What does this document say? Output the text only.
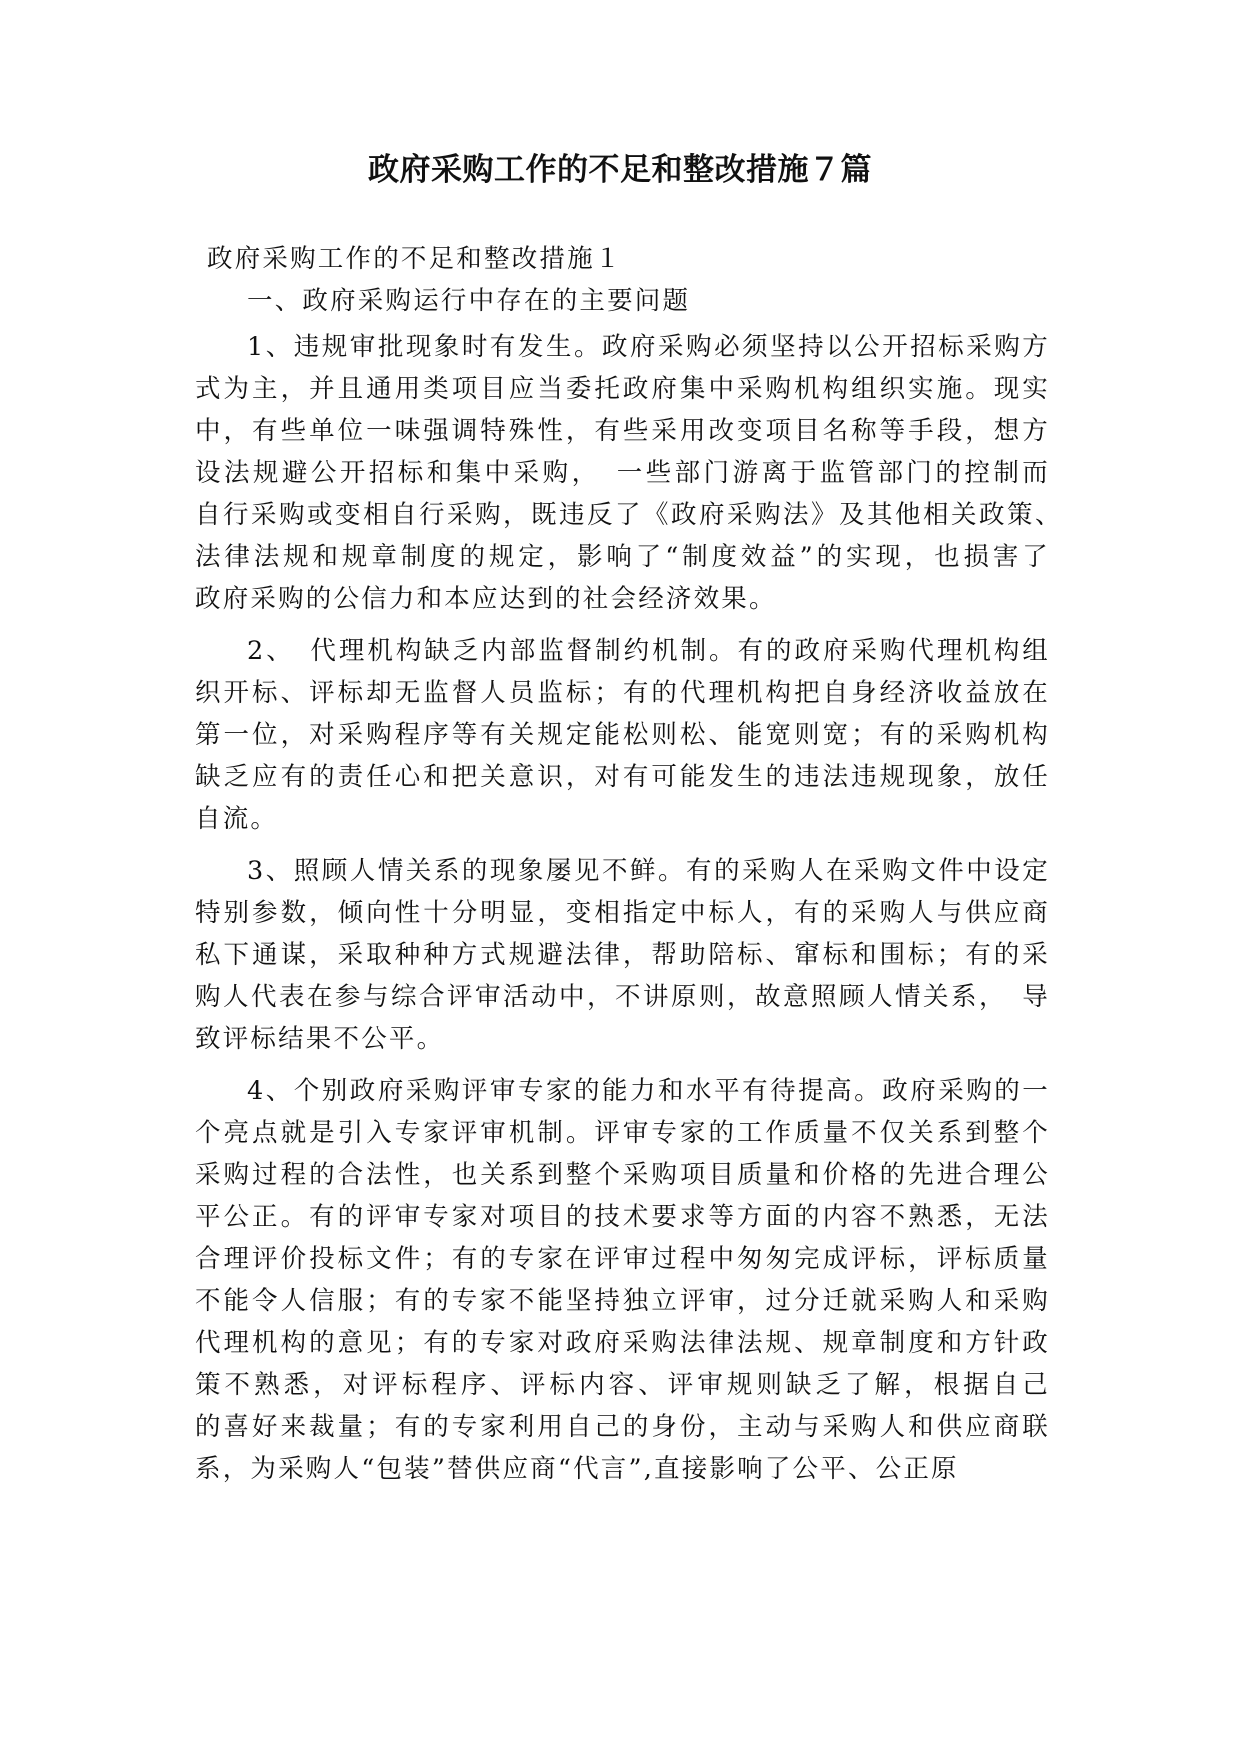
政府采购工作的不足和整改措施７篇

政府采购工作的不足和整改措施１

一、政府采购运行中存在的主要问题

1、违规审批现象时有发生。政府采购必须坚持以公开招标采购方式为主，并且通用类项目应当委托政府集中采购机构组织实施。现实中，有些单位一味强调特殊性，有些采用改变项目名称等手段，想方设法规避公开招标和集中采购，　一些部门游离于监管部门的控制而　自行采购或变相自行采购，既违反了《政府采购法》及其他相关政策、　法律法规和规章制度的规定，影响了“制度效益”的实现，也损害了　政府采购的公信力和本应达到的社会经济效果。

2、　代理机构缺乏内部监督制约机制。有的政府采购代理机构组　织开标、评标却无监督人员监标；有的代理机构把自身经济收益放在　第一位，对采购程序等有关规定能松则松、能宽则宽；有的采购机构　缺乏应有的责任心和把关意识，对有可能发生的违法违规现象，放任　自流。

3、照顾人情关系的现象屡见不鲜。有的采购人在采购文件中设定特别参数，倾向性十分明显，变相指定中标人，有的采购人与供应商私下通谋，采取种种方式规避法律，帮助陪标、窜标和围标；有的采购人代表在参与综合评审活动中，不讲原则，故意照顾人情关系，　导致评标结果不公平。

4、个别政府采购评审专家的能力和水平有待提高。政府采购的一个亮点就是引入专家评审机制。评审专家的工作质量不仅关系到整个采购过程的合法性，也关系到整个采购项目质量和价格的先进合理公平公正。有的评审专家对项目的技术要求等方面的内容不熟悉，无法合理评价投标文件；有的专家在评审过程中匆匆完成评标，评标质量不能令人信服；有的专家不能坚持独立评审，过分迁就采购人和采购代理机构的意见；有的专家对政府采购法律法规、规章制度和方针政策不熟悉，对评标程序、评标内容、评审规则缺乏了解，根据自己　的喜好来裁量；有的专家利用自己的身份，主动与采购人和供应商联　系，为采购人“包装”替供应商“代言”,直接影响了公平、公正原
